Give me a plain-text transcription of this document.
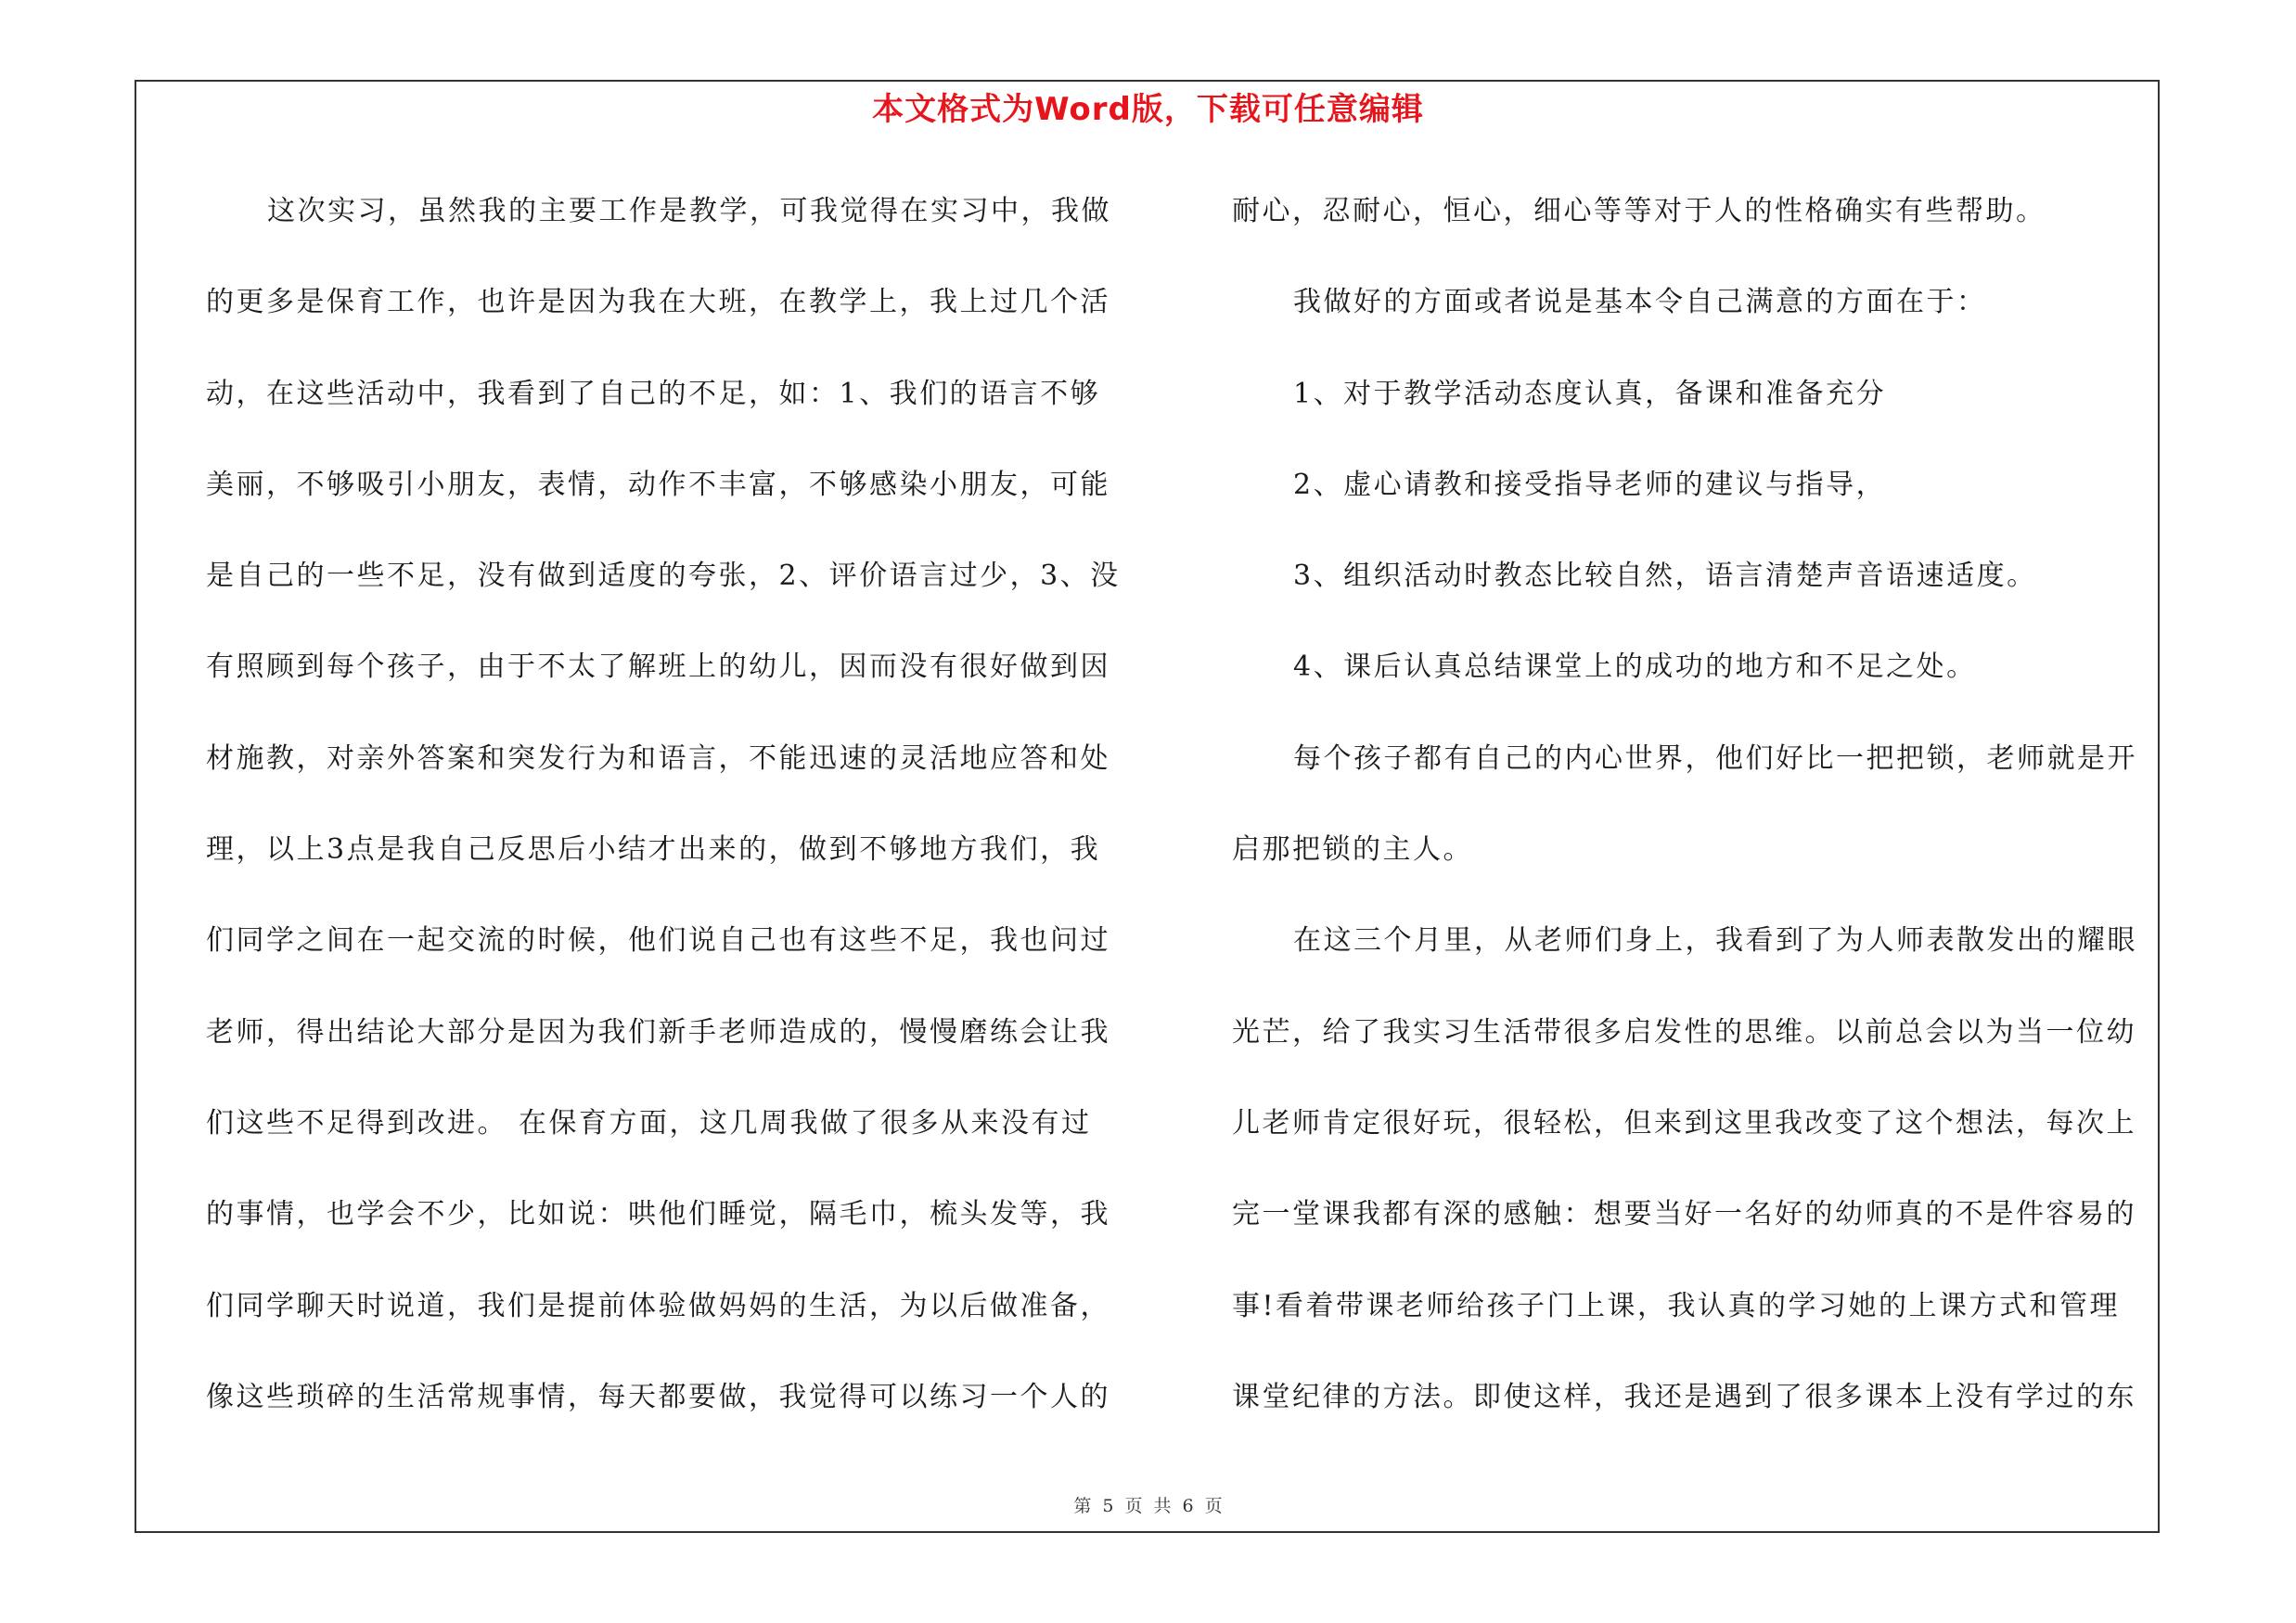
本文格式为Word版，下载可任意编辑
这次实习，虽然我的主要工作是教学，可我觉得在实习中，我做
的更多是保育工作，也许是因为我在大班，在教学上，我上过几个活
动，在这些活动中，我看到了自己的不足，如：1、我们的语言不够
美丽，不够吸引小朋友，表情，动作不丰富，不够感染小朋友，可能
是自己的一些不足，没有做到适度的夸张，2、评价语言过少，3、没
有照顾到每个孩子，由于不太了解班上的幼儿，因而没有很好做到因
材施教，对亲外答案和突发行为和语言，不能迅速的灵活地应答和处
理，以上3点是我自己反思后小结才出来的，做到不够地方我们，我
们同学之间在一起交流的时候，他们说自己也有这些不足，我也问过
老师，得出结论大部分是因为我们新手老师造成的，慢慢磨练会让我
们这些不足得到改进。 在保育方面，这几周我做了很多从来没有过
的事情，也学会不少，比如说：哄他们睡觉，隔毛巾，梳头发等，我
们同学聊天时说道，我们是提前体验做妈妈的生活，为以后做准备，
像这些琐碎的生活常规事情，每天都要做，我觉得可以练习一个人的
耐心，忍耐心，恒心，细心等等对于人的性格确实有些帮助。
我做好的方面或者说是基本令自己满意的方面在于：
1、对于教学活动态度认真，备课和准备充分
2、虚心请教和接受指导老师的建议与指导，
3、组织活动时教态比较自然，语言清楚声音语速适度。
4、课后认真总结课堂上的成功的地方和不足之处。
每个孩子都有自己的内心世界，他们好比一把把锁，老师就是开
启那把锁的主人。
在这三个月里，从老师们身上，我看到了为人师表散发出的耀眼
光芒，给了我实习生活带很多启发性的思维。以前总会以为当一位幼
儿老师肯定很好玩，很轻松，但来到这里我改变了这个想法，每次上
完一堂课我都有深的感触：想要当好一名好的幼师真的不是件容易的
事!看着带课老师给孩子门上课，我认真的学习她的上课方式和管理
课堂纪律的方法。即使这样，我还是遇到了很多课本上没有学过的东
第 5 页 共 6 页
